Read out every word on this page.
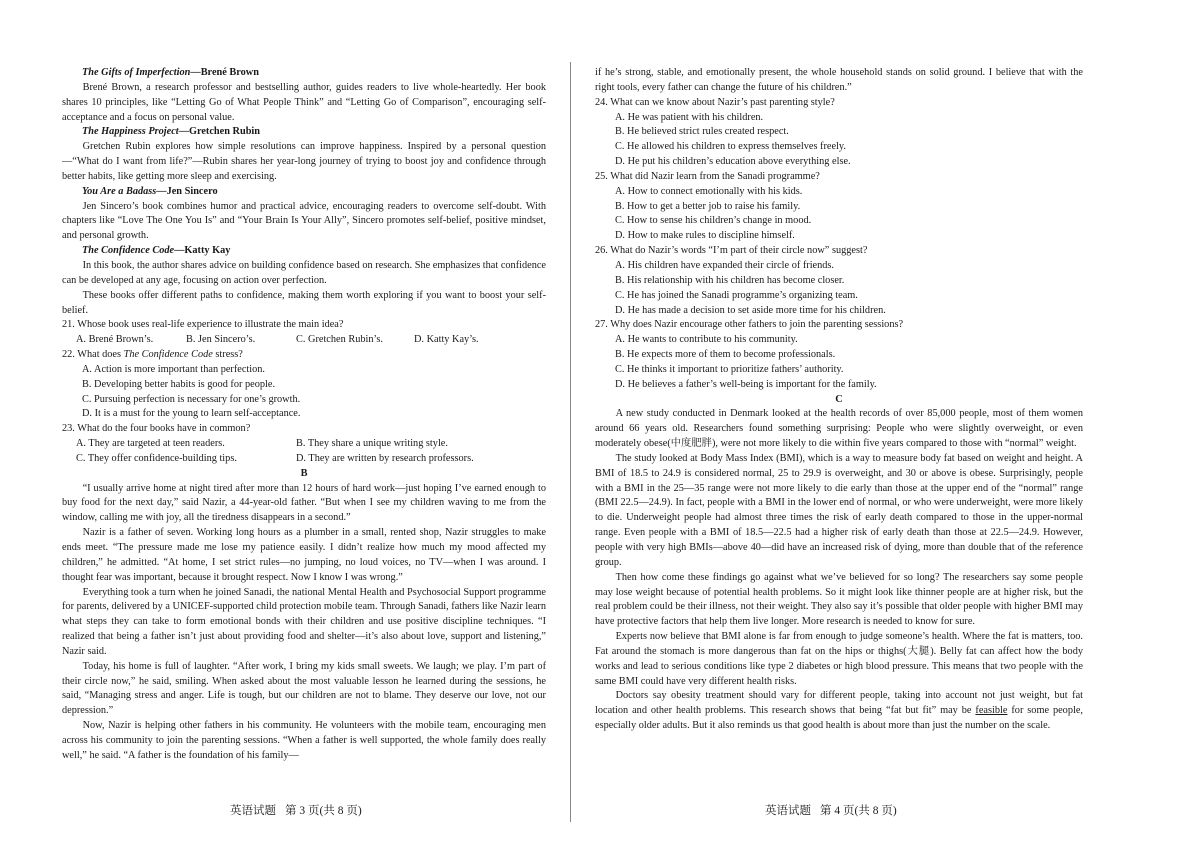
The Gifts of Imperfection—Brené Brown

Brené Brown, a research professor and bestselling author, guides readers to live whole-heartedly. Her book shares 10 principles, like “Letting Go of What People Think” and “Letting Go of Comparison”, encouraging self-acceptance and a focus on personal value.

The Happiness Project—Gretchen Rubin

Gretchen Rubin explores how simple resolutions can improve happiness. Inspired by a personal question—“What do I want from life?”—Rubin shares her year-long journey of trying to boost joy and confidence through better habits, like getting more sleep and exercising.

You Are a Badass—Jen Sincero

Jen Sincero’s book combines humor and practical advice, encouraging readers to overcome self-doubt. With chapters like “Love The One You Is” and “Your Brain Is Your Ally”, Sincero promotes self-belief, positive mindset, and personal growth.

The Confidence Code—Katty Kay

In this book, the author shares advice on building confidence based on research. She emphasizes that confidence can be developed at any age, focusing on action over perfection.

These books offer different paths to confidence, making them worth exploring if you want to boost your self-belief.

21. Whose book uses real-life experience to illustrate the main idea?

A. Brené Brown’s.	B. Jen Sincero’s.	C. Gretchen Rubin’s.	D. Katty Kay’s.

22. What does The Confidence Code stress?

A. Action is more important than perfection.

B. Developing better habits is good for people.

C. Pursuing perfection is necessary for one’s growth.

D. It is a must for the young to learn self-acceptance.

23. What do the four books have in common?

A. They are targeted at teen readers.	B. They share a unique writing style.
C. They offer confidence-building tips.	D. They are written by research professors.

B

“I usually arrive home at night tired after more than 12 hours of hard work—just hoping I’ve earned enough to buy food for the next day,” said Nazir, a 44-year-old father. “But when I see my children waving to me from the window, calling me with joy, all the tiredness disappears in a second.”

Nazir is a father of seven. Working long hours as a plumber in a small, rented shop, Nazir struggles to make ends meet. “The pressure made me lose my patience easily. I didn’t realize how much my mood affected my children,” he admitted. “At home, I set strict rules—no jumping, no loud voices, no TV—when I was around. I thought fear was important, because it brought respect. Now I know I was wrong.”

Everything took a turn when he joined Sanadi, the national Mental Health and Psychosocial Support programme for parents, delivered by a UNICEF-supported child protection mobile team. Through Sanadi, fathers like Nazir learn what steps they can take to form emotional bonds with their children and use positive discipline techniques. “I realized that being a father isn’t just about providing food and shelter—it’s also about love, support and listening,” Nazir said.

Today, his home is full of laughter. “After work, I bring my kids small sweets. We laugh; we play. I’m part of their circle now,” he said, smiling. When asked about the most valuable lesson he learned during the sessions, he said, “Managing stress and anger. Life is tough, but our children are not to blame. They deserve our love, not our depression.”

Now, Nazir is helping other fathers in his community. He volunteers with the mobile team, encouraging men across his community to join the parenting sessions. “When a father is well supported, the whole family does really well,” he said. “A father is the foundation of his family—

if he’s strong, stable, and emotionally present, the whole household stands on solid ground. I believe that with the right tools, every father can change the future of his children.”

24. What can we know about Nazir’s past parenting style?

A. He was patient with his children.

B. He believed strict rules created respect.

C. He allowed his children to express themselves freely.

D. He put his children’s education above everything else.

25. What did Nazir learn from the Sanadi programme?

A. How to connect emotionally with his kids.

B. How to get a better job to raise his family.

C. How to sense his children’s change in mood.

D. How to make rules to discipline himself.

26. What do Nazir’s words “I’m part of their circle now” suggest?

A. His children have expanded their circle of friends.

B. His relationship with his children has become closer.

C. He has joined the Sanadi programme’s organizing team.

D. He has made a decision to set aside more time for his children.

27. Why does Nazir encourage other fathers to join the parenting sessions?

A. He wants to contribute to his community.

B. He expects more of them to become professionals.

C. He thinks it important to prioritize fathers’ authority.

D. He believes a father’s well-being is important for the family.

C

A new study conducted in Denmark looked at the health records of over 85,000 people, most of them women around 66 years old. Researchers found something surprising: People who were slightly overweight, or even moderately obese(中度肥胖), were not more likely to die within five years compared to those with “normal” weight.

The study looked at Body Mass Index (BMI), which is a way to measure body fat based on weight and height. A BMI of 18.5 to 24.9 is considered normal, 25 to 29.9 is overweight, and 30 or above is obese. Surprisingly, people with a BMI in the 25—35 range were not more likely to die early than those at the upper end of the “normal” range (BMI 22.5—24.9). In fact, people with a BMI in the lower end of normal, or who were underweight, were more likely to die. Underweight people had almost three times the risk of early death compared to those in the upper-normal range. Even people with a BMI of 18.5—22.5 had a higher risk of early death than those at 22.5—24.9. However, people with very high BMIs—above 40—did have an increased risk of dying, more than double that of the reference group.

Then how come these findings go against what we’ve believed for so long? The researchers say some people may lose weight because of potential health problems. So it might look like thinner people are at higher risk, but the real problem could be their illness, not their weight. They also say it’s possible that older people with higher BMI may have protective factors that help them live longer. More research is needed to know for sure.

Experts now believe that BMI alone is far from enough to judge someone’s health. Where the fat is matters, too. Fat around the stomach is more dangerous than fat on the hips or thighs(大腿). Belly fat can affect how the body works and lead to serious conditions like type 2 diabetes or high blood pressure. This means that two people with the same BMI could have very different health risks.

Doctors say obesity treatment should vary for different people, taking into account not just weight, but fat location and other health problems. This research shows that being “fat but fit” may be feasible for some people, especially older adults. But it also reminds us that good health is about more than just the number on the scale.

英语试题 第 3 页(共 8 页)	英语试题 第 4 页(共 8 页)
